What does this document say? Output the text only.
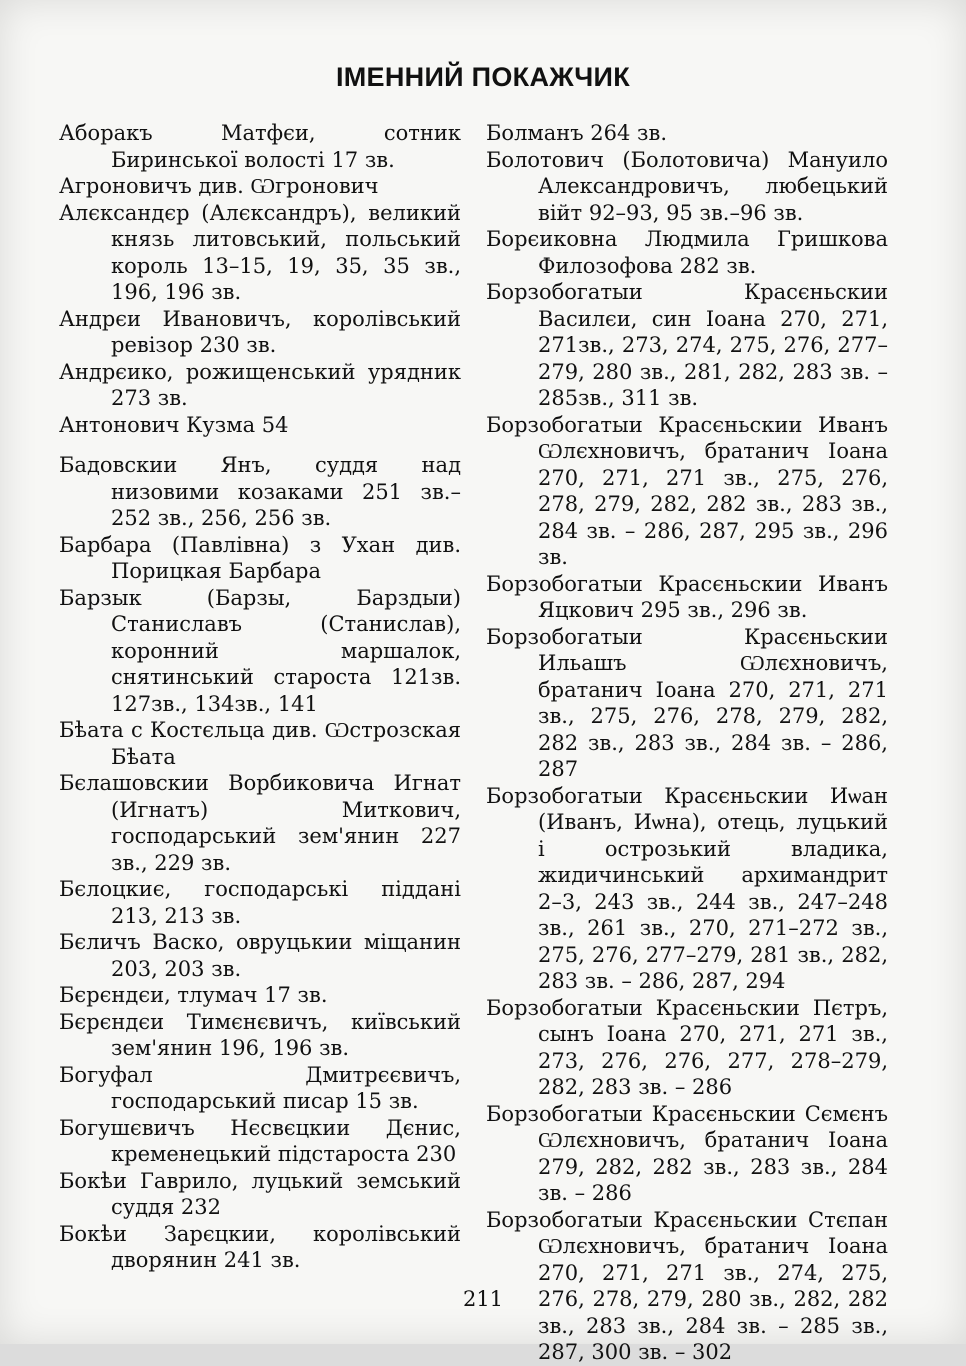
ІМЕННИЙ ПОКАЖЧИК

Аборакъ Матфєи, сотник Биринської волості 17 зв.

Агроновичъ див. Ѡгронович

Алєксандєр (Алєксандръ), великий князь литовський, польський король 13–15, 19, 35, 35 зв., 196, 196 зв.

Андрєи Ивановичъ, королівський ревізор 230 зв.

Андрєико, рожищенський урядник 273 зв.

Антонович Кузма 54

Бадовскии Янъ, суддя над низовими козаками 251 зв.–252 зв., 256, 256 зв.

Барбара (Павлівна) з Ухан див. Порицкая Барбара

Барзык (Барзы, Барздыи) Станиславъ (Станислав), коронний маршалок, снятинський староста 121зв. 127зв., 134зв., 141

Бѣата с Костєльца див. Ѡстрозская Бѣата

Бєлашовскии Ворбиковича Игнат (Игнатъ) Миткович, господарський зем'янин 227 зв., 229 зв.

Бєлоцкиє, господарські піддані 213, 213 зв.

Бєличъ Васко, овруцькии міщанин 203, 203 зв.

Бєрєндєи, тлумач 17 зв.

Бєрєндєи Тимєнєвичъ, київський зем'янин 196, 196 зв.

Богуфал Дмитрєєвичъ, господарський писар 15 зв.

Богушєвичъ Нєсвєцкии Дєнис, кременецький підстароста 230

Бокѣи Гаврило, луцький земський суддя 232

Бокѣи Зарєцкии, королівський дворянин 241 зв.

Болманъ 264 зв.

Болотович (Болотовича) Мануило Александровичъ, любецький війт 92–93, 95 зв.–96 зв.

Борєиковна Людмила Гришкова Филозофова 282 зв.

Борзобогатыи Красєньскии Василєи, син Іоана 270, 271, 271зв., 273, 274, 275, 276, 277–279, 280 зв., 281, 282, 283 зв. – 285зв., 311 зв.

Борзобогатыи Красєньскии Иванъ Ѡлєхновичъ, братанич Іоана 270, 271, 271 зв., 275, 276, 278, 279, 282, 282 зв., 283 зв., 284 зв. – 286, 287, 295 зв., 296 зв.

Борзобогатыи Красєньскии Иванъ Яцкович 295 зв., 296 зв.

Борзобогатыи Красєньскии Ильашъ Ѡлєхновичъ, братанич Іоана 270, 271, 271 зв., 275, 276, 278, 279, 282, 282 зв., 283 зв., 284 зв. – 286, 287

Борзобогатыи Красєньскии Иѡан (Иванъ, Иѡна), отець, луцький і острозький владика, жидичинський архимандрит 2–3, 243 зв., 244 зв., 247–248 зв., 261 зв., 270, 271–272 зв., 275, 276, 277–279, 281 зв., 282, 283 зв. – 286, 287, 294

Борзобогатыи Красєньскии Пєтръ, сынъ Іоана 270, 271, 271 зв., 273, 276, 276, 277, 278–279, 282, 283 зв. – 286

Борзобогатыи Красєньскии Сємєнъ Ѡлєхновичъ, братанич Іоана 279, 282, 282 зв., 283 зв., 284 зв. – 286

Борзобогатыи Красєньскии Стєпан Ѡлєхновичъ, братанич Іоана 270, 271, 271 зв., 274, 275, 276, 278, 279, 280 зв., 282, 282 зв., 283 зв., 284 зв. – 285 зв., 287, 300 зв. – 302

211
